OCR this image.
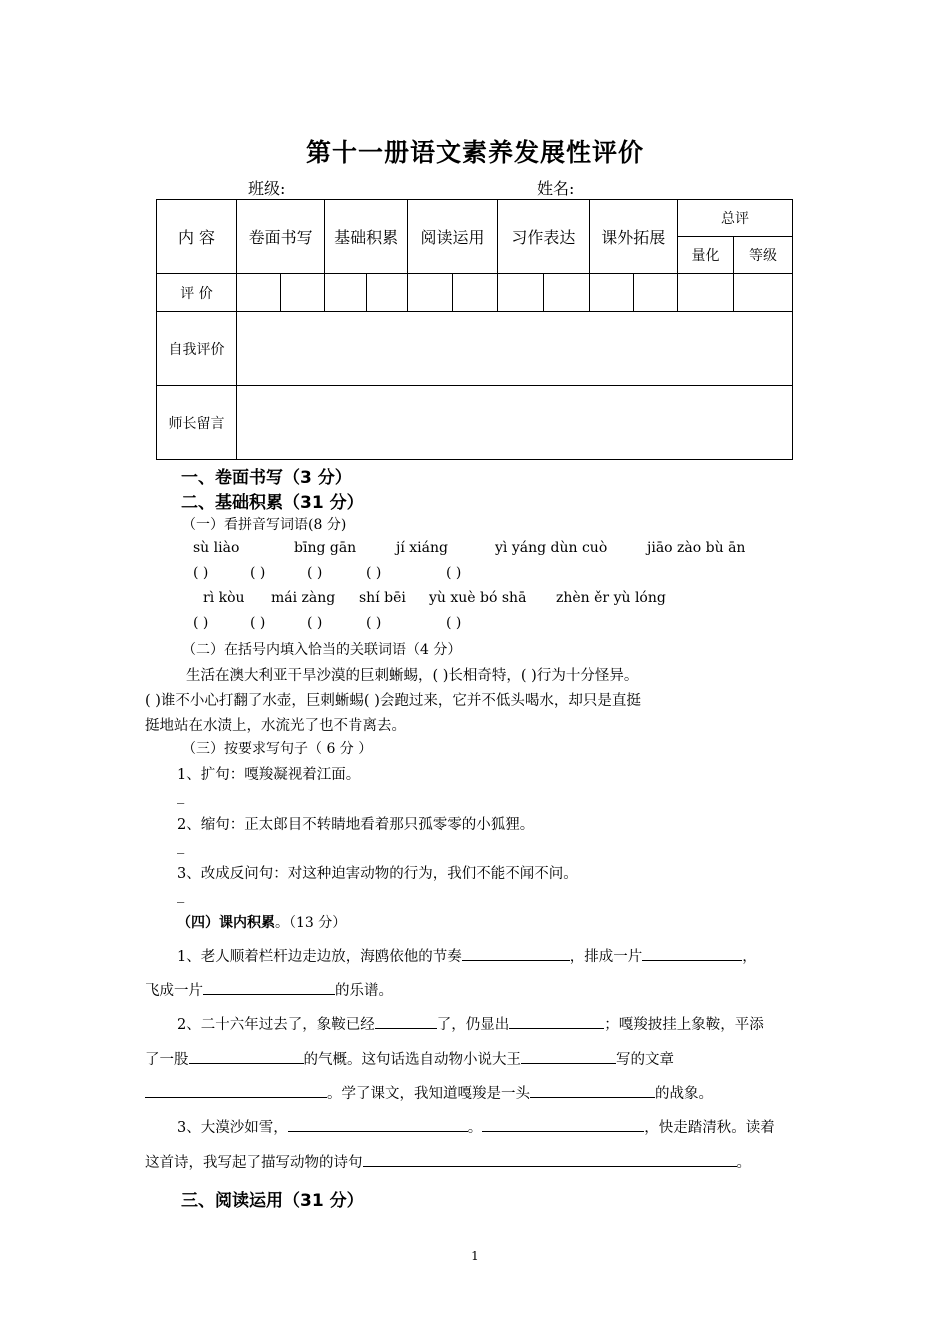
第十一册语文素养发展性评价
班级:	姓名:
内 容	卷面书写		基础积累		阅读运用		习作表达		课外拓展		总评	
											量化	等级
评 价												
自我评价												
师长留言												
一、卷面书写（3 分）
二、基础积累（31 分）
（一）看拼音写词语(8 分)
sù liào	bīng gān	jí xiáng	yì yáng dùn cuò	jiāo zào bù ān
( )	( )	( )	( )	( )
rì kòu mái zàng shí bēi yù xuè bó shā zhèn ěr yù lóng
( )	( )	( )	( )	( )
（二）在括号内填入恰当的关联词语（4 分）
生活在澳大利亚干旱沙漠的巨刺蜥蜴，( )长相奇特，( )行为十分怪异。
( )谁不小心打翻了水壶，巨刺蜥蜴( )会跑过来，它并不低头喝水，却只是直挺
挺地站在水渍上，水流光了也不肯离去。
（三）按要求写句子（ 6 分 ）
1、扩句：嘎羧凝视着江面。
_
2、缩句：正太郎目不转睛地看着那只孤零零的小狐狸。
_
3、改成反问句：对这种迫害动物的行为，我们不能不闻不问。
_
（四）课内积累。（13 分）
1、老人顺着栏杆边走边放，海鸥依他的节奏	，排成一片	，
飞成一片	的乐谱。
2、二十六年过去了，象鞍已经	了，仍显出	；嘎羧披挂上象鞍，平添
了一股	的气概。这句话选自动物小说大王	写的文章
。学了课文，我知道嘎羧是一头	的战象。
3、大漠沙如雪，	。	，快走踏清秋。读着
这首诗，我写起了描写动物的诗句	。
三、阅读运用（31 分）
1
